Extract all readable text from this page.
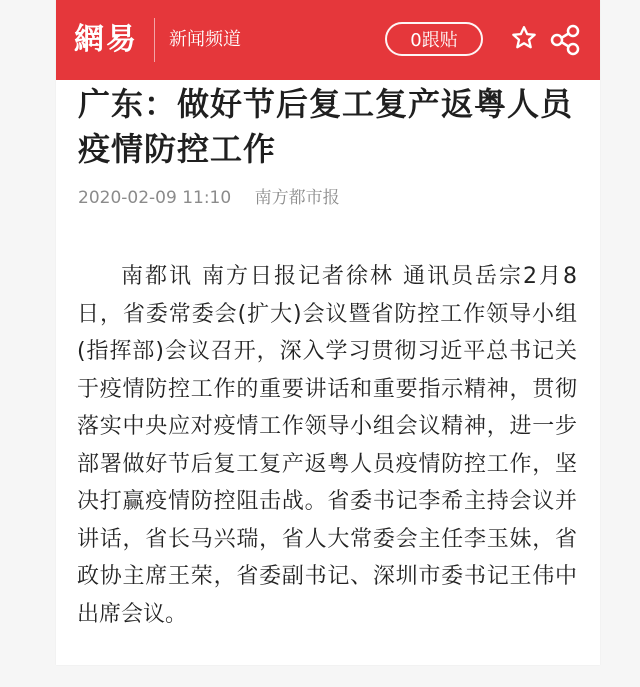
網易 新闻频道	0跟贴
广东：做好节后复工复产返粤人员疫情防控工作
2020-02-09 11:10 南方都市报

南都讯 南方日报记者徐林 通讯员岳宗2月8日，省委常委会(扩大)会议暨省防控工作领导小组(指挥部)会议召开，深入学习贯彻习近平总书记关于疫情防控工作的重要讲话和重要指示精神，贯彻落实中央应对疫情工作领导小组会议精神，进一步部署做好节后复工复产返粤人员疫情防控工作，坚决打赢疫情防控阻击战。省委书记李希主持会议并讲话，省长马兴瑞，省人大常委会主任李玉妹，省政协主席王荣，省委副书记、深圳市委书记王伟中出席会议。
